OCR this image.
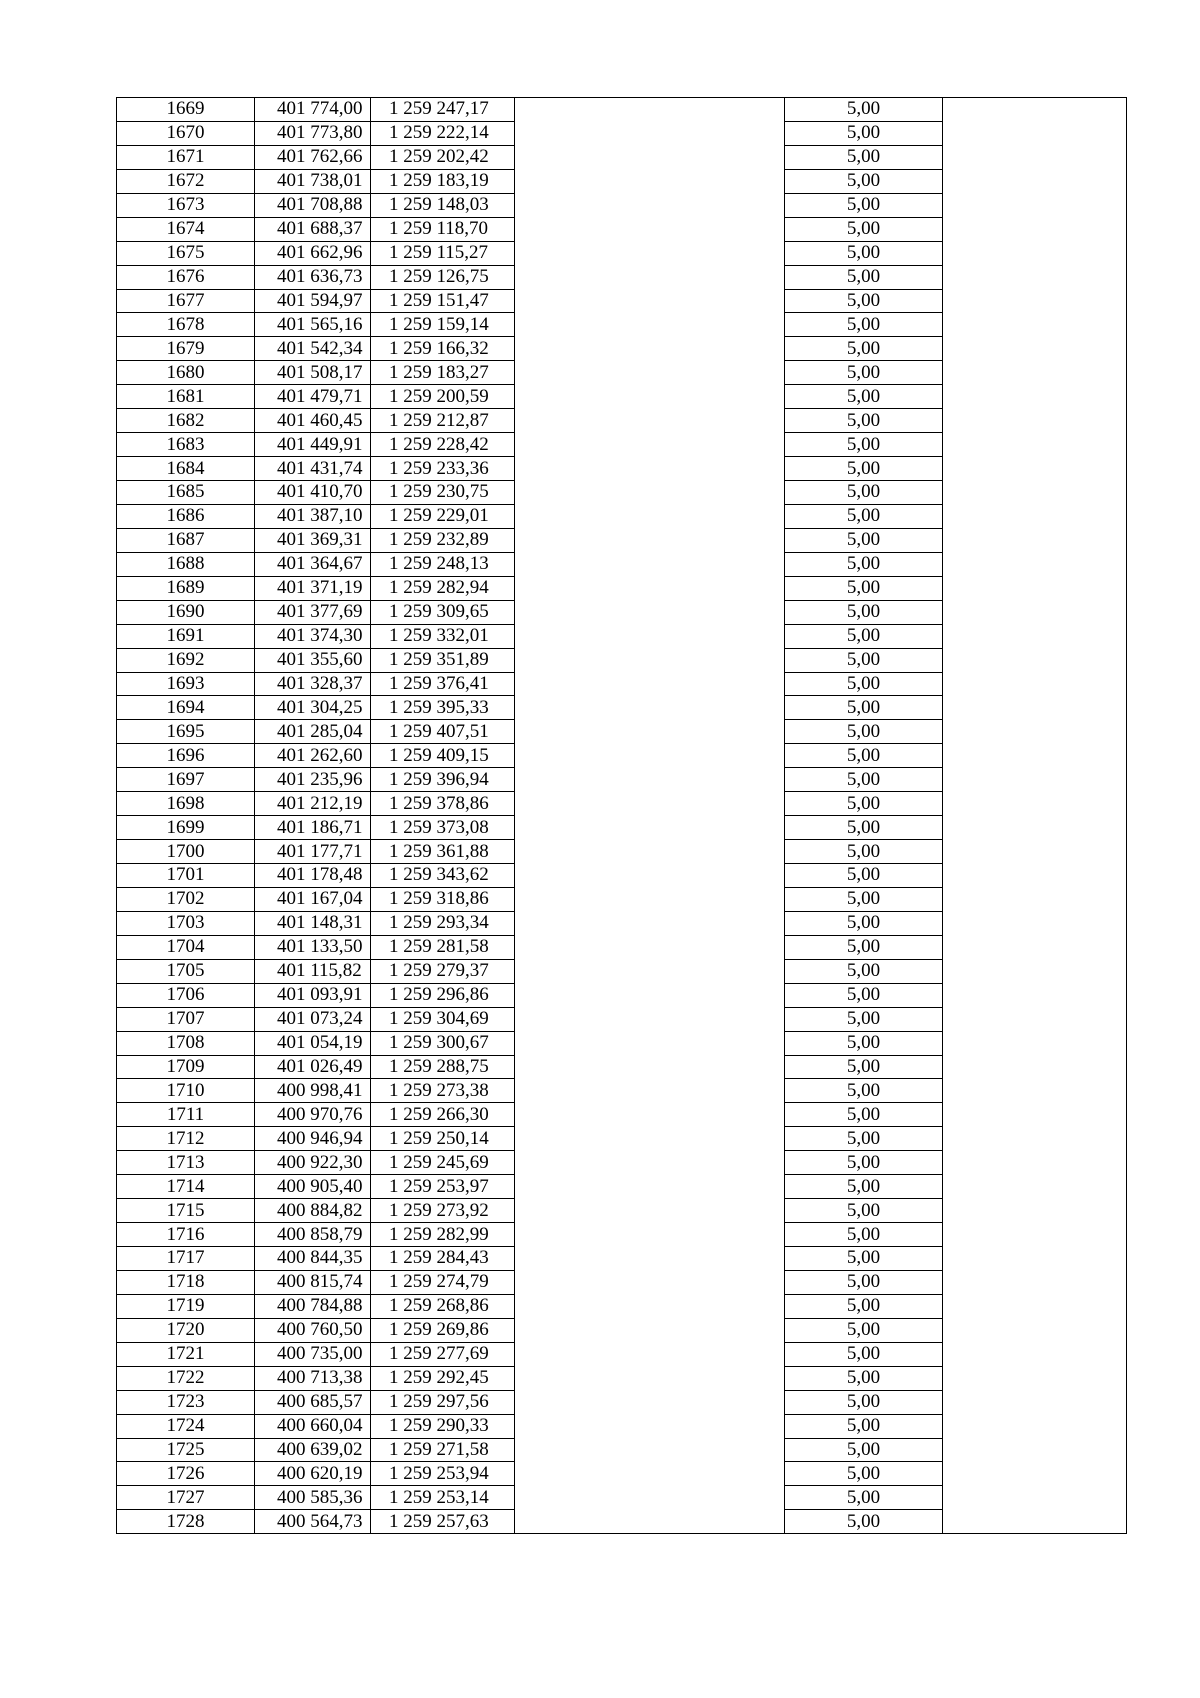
1669	401 774,00	1 259 247,17		5,00	
1670	401 773,80	1 259 222,14		5,00	
1671	401 762,66	1 259 202,42		5,00	
1672	401 738,01	1 259 183,19		5,00	
1673	401 708,88	1 259 148,03		5,00	
1674	401 688,37	1 259 118,70		5,00	
1675	401 662,96	1 259 115,27		5,00	
1676	401 636,73	1 259 126,75		5,00	
1677	401 594,97	1 259 151,47		5,00	
1678	401 565,16	1 259 159,14		5,00	
1679	401 542,34	1 259 166,32		5,00	
1680	401 508,17	1 259 183,27		5,00	
1681	401 479,71	1 259 200,59		5,00	
1682	401 460,45	1 259 212,87		5,00	
1683	401 449,91	1 259 228,42		5,00	
1684	401 431,74	1 259 233,36		5,00	
1685	401 410,70	1 259 230,75		5,00	
1686	401 387,10	1 259 229,01		5,00	
1687	401 369,31	1 259 232,89		5,00	
1688	401 364,67	1 259 248,13		5,00	
1689	401 371,19	1 259 282,94		5,00	
1690	401 377,69	1 259 309,65		5,00	
1691	401 374,30	1 259 332,01		5,00	
1692	401 355,60	1 259 351,89		5,00	
1693	401 328,37	1 259 376,41		5,00	
1694	401 304,25	1 259 395,33		5,00	
1695	401 285,04	1 259 407,51		5,00	
1696	401 262,60	1 259 409,15		5,00	
1697	401 235,96	1 259 396,94		5,00	
1698	401 212,19	1 259 378,86		5,00	
1699	401 186,71	1 259 373,08		5,00	
1700	401 177,71	1 259 361,88		5,00	
1701	401 178,48	1 259 343,62		5,00	
1702	401 167,04	1 259 318,86		5,00	
1703	401 148,31	1 259 293,34		5,00	
1704	401 133,50	1 259 281,58		5,00	
1705	401 115,82	1 259 279,37		5,00	
1706	401 093,91	1 259 296,86		5,00	
1707	401 073,24	1 259 304,69		5,00	
1708	401 054,19	1 259 300,67		5,00	
1709	401 026,49	1 259 288,75		5,00	
1710	400 998,41	1 259 273,38		5,00	
1711	400 970,76	1 259 266,30		5,00	
1712	400 946,94	1 259 250,14		5,00	
1713	400 922,30	1 259 245,69		5,00	
1714	400 905,40	1 259 253,97		5,00	
1715	400 884,82	1 259 273,92		5,00	
1716	400 858,79	1 259 282,99		5,00	
1717	400 844,35	1 259 284,43		5,00	
1718	400 815,74	1 259 274,79		5,00	
1719	400 784,88	1 259 268,86		5,00	
1720	400 760,50	1 259 269,86		5,00	
1721	400 735,00	1 259 277,69		5,00	
1722	400 713,38	1 259 292,45		5,00	
1723	400 685,57	1 259 297,56		5,00	
1724	400 660,04	1 259 290,33		5,00	
1725	400 639,02	1 259 271,58		5,00	
1726	400 620,19	1 259 253,94		5,00	
1727	400 585,36	1 259 253,14		5,00	
1728	400 564,73	1 259 257,63		5,00	
